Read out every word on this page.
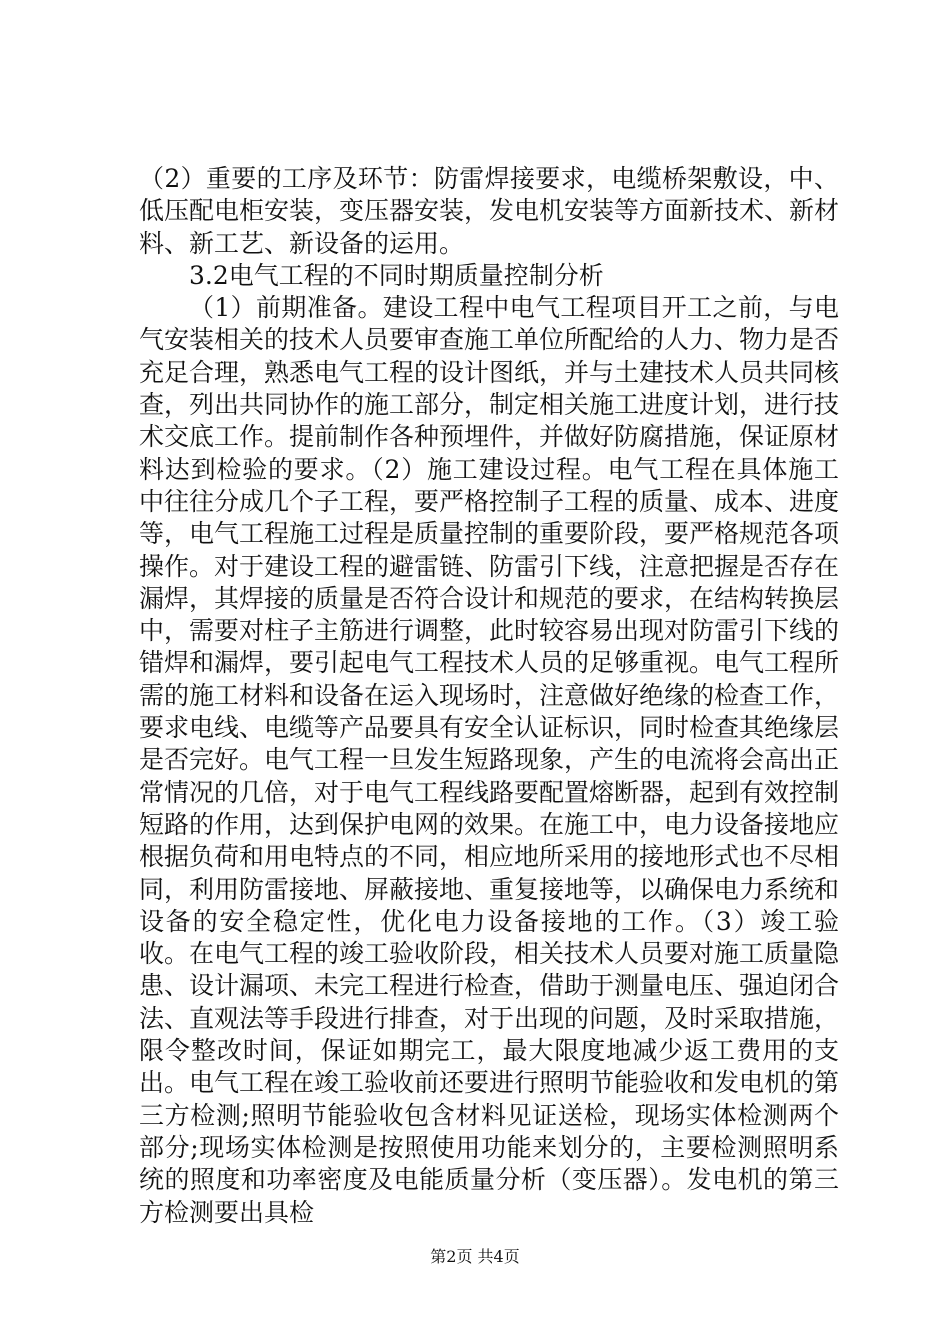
（2）重要的工序及环节：防雷焊接要求，电缆桥架敷设，中、低压配电柜安装，变压器安装，发电机安装等方面新技术、新材料、新工艺、新设备的运用。

3.2电气工程的不同时期质量控制分析

（1）前期准备。建设工程中电气工程项目开工之前，与电气安装相关的技术人员要审查施工单位所配给的人力、物力是否充足合理，熟悉电气工程的设计图纸，并与土建技术人员共同核查，列出共同协作的施工部分，制定相关施工进度计划，进行技术交底工作。提前制作各种预埋件，并做好防腐措施，保证原材料达到检验的要求。（2）施工建设过程。电气工程在具体施工中往往分成几个子工程，要严格控制子工程的质量、成本、进度等，电气工程施工过程是质量控制的重要阶段，要严格规范各项操作。对于建设工程的避雷链、防雷引下线，注意把握是否存在漏焊，其焊接的质量是否符合设计和规范的要求，在结构转换层中，需要对柱子主筋进行调整，此时较容易出现对防雷引下线的错焊和漏焊，要引起电气工程技术人员的足够重视。电气工程所需的施工材料和设备在运入现场时，注意做好绝缘的检查工作，要求电线、电缆等产品要具有安全认证标识，同时检查其绝缘层是否完好。电气工程一旦发生短路现象，产生的电流将会高出正常情况的几倍，对于电气工程线路要配置熔断器，起到有效控制短路的作用，达到保护电网的效果。在施工中，电力设备接地应根据负荷和用电特点的不同，相应地所采用的接地形式也不尽相同，利用防雷接地、屏蔽接地、重复接地等，以确保电力系统和设备的安全稳定性，优化电力设备接地的工作。（3）竣工验收。在电气工程的竣工验收阶段，相关技术人员要对施工质量隐患、设计漏项、未完工程进行检查，借助于测量电压、强迫闭合法、直观法等手段进行排查，对于出现的问题，及时采取措施，限令整改时间，保证如期完工，最大限度地减少返工费用的支出。电气工程在竣工验收前还要进行照明节能验收和发电机的第三方检测;照明节能验收包含材料见证送检，现场实体检测两个部分;现场实体检测是按照使用功能来划分的，主要检测照明系统的照度和功率密度及电能质量分析（变压器）。发电机的第三方检测要出具检

第2页 共4页
